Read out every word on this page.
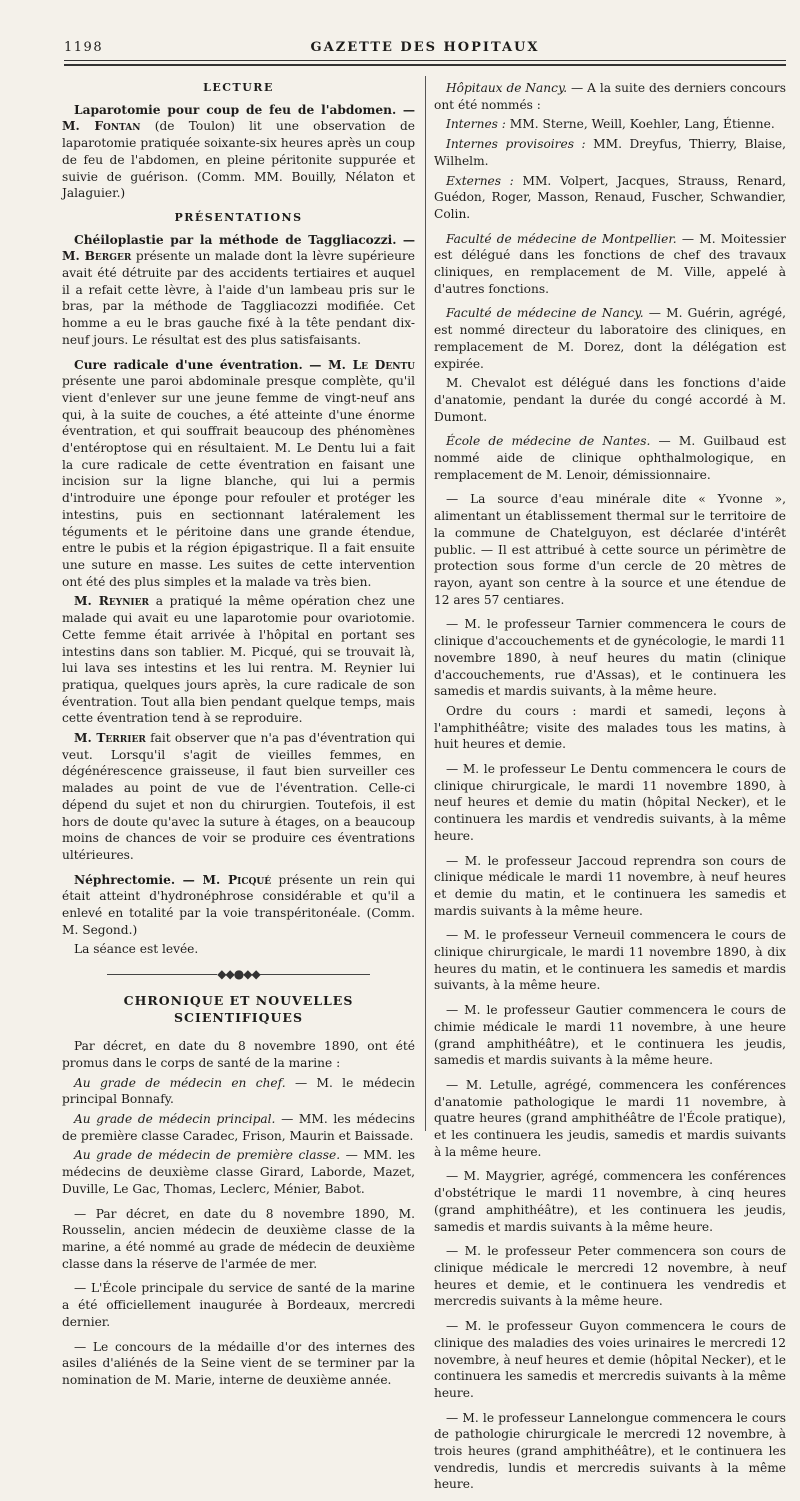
1198	GAZETTE DES HOPITAUX
LECTURE

Laparotomie pour coup de feu de l'abdomen. — M. Fontan (de Toulon) lit une observation de laparotomie pratiquée soixante-six heures après un coup de feu de l'abdomen, en pleine péritonite suppurée et suivie de guérison. (Comm. MM. Bouilly, Nélaton et Jalaguier.)

PRÉSENTATIONS

Chéiloplastie par la méthode de Taggliacozzi. — M. Berger présente un malade dont la lèvre supérieure avait été détruite par des accidents tertiaires et auquel il a refait cette lèvre, à l'aide d'un lambeau pris sur le bras, par la méthode de Taggliacozzi modifiée. Cet homme a eu le bras gauche fixé à la tête pendant dix-neuf jours. Le résultat est des plus satisfaisants.

Cure radicale d'une éventration. — M. Le Dentu présente une paroi abdominale presque complète, qu'il vient d'enlever sur une jeune femme de vingt-neuf ans qui, à la suite de couches, a été atteinte d'une énorme éventration, et qui souffrait beaucoup des phénomènes d'entéroptose qui en résultaient. M. Le Dentu lui a fait la cure radicale de cette éventration en faisant une incision sur la ligne blanche, qui lui a permis d'introduire une éponge pour refouler et protéger les intestins, puis en sectionnant latéralement les téguments et le péritoine dans une grande étendue, entre le pubis et la région épigastrique. Il a fait ensuite une suture en masse. Les suites de cette intervention ont été des plus simples et la malade va très bien.

M. Reynier a pratiqué la même opération chez une malade qui avait eu une laparotomie pour ovariotomie. Cette femme était arrivée à l'hôpital en portant ses intestins dans son tablier. M. Picqué, qui se trouvait là, lui lava ses intestins et les lui rentra. M. Reynier lui pratiqua, quelques jours après, la cure radicale de son éventration. Tout alla bien pendant quelque temps, mais cette éventration tend à se reproduire.

M. Terrier fait observer que n'a pas d'éventration qui veut. Lorsqu'il s'agit de vieilles femmes, en dégénérescence graisseuse, il faut bien surveiller ces malades au point de vue de l'éventration. Celle-ci dépend du sujet et non du chirurgien. Toutefois, il est hors de doute qu'avec la suture à étages, on a beaucoup moins de chances de voir se produire ces éventrations ultérieures.

Néphrectomie. — M. Picqué présente un rein qui était atteint d'hydronéphrose considérable et qu'il a enlevé en totalité par la voie transpéritonéale. (Comm. M. Segond.)

La séance est levée.

◆◆●◆◆
CHRONIQUE ET NOUVELLES SCIENTIFIQUES

Par décret, en date du 8 novembre 1890, ont été promus dans le corps de santé de la marine :

Au grade de médecin en chef. — M. le médecin principal Bonnafy.

Au grade de médecin principal. — MM. les médecins de première classe Caradec, Frison, Maurin et Baissade.

Au grade de médecin de première classe. — MM. les médecins de deuxième classe Girard, Laborde, Mazet, Duville, Le Gac, Thomas, Leclerc, Ménier, Babot.

— Par décret, en date du 8 novembre 1890, M. Rousselin, ancien médecin de deuxième classe de la marine, a été nommé au grade de médecin de deuxième classe dans la réserve de l'armée de mer.

— L'École principale du service de santé de la marine a été officiellement inaugurée à Bordeaux, mercredi dernier.

— Le concours de la médaille d'or des internes des asiles d'aliénés de la Seine vient de se terminer par la nomination de M. Marie, interne de deuxième année.

Hôpitaux de Nancy. — A la suite des derniers concours ont été nommés :

Internes : MM. Sterne, Weill, Koehler, Lang, Étienne.

Internes provisoires : MM. Dreyfus, Thierry, Blaise, Wilhelm.

Externes : MM. Volpert, Jacques, Strauss, Renard, Guédon, Roger, Masson, Renaud, Fuscher, Schwandier, Colin.

Faculté de médecine de Montpellier. — M. Moitessier est délégué dans les fonctions de chef des travaux cliniques, en remplacement de M. Ville, appelé à d'autres fonctions.

Faculté de médecine de Nancy. — M. Guérin, agrégé, est nommé directeur du laboratoire des cliniques, en remplacement de M. Dorez, dont la délégation est expirée.

M. Chevalot est délégué dans les fonctions d'aide d'anatomie, pendant la durée du congé accordé à M. Dumont.

École de médecine de Nantes. — M. Guilbaud est nommé aide de clinique ophthalmologique, en remplacement de M. Lenoir, démissionnaire.

— La source d'eau minérale dite « Yvonne », alimentant un établissement thermal sur le territoire de la commune de Chatelguyon, est déclarée d'intérêt public. — Il est attribué à cette source un périmètre de protection sous forme d'un cercle de 20 mètres de rayon, ayant son centre à la source et une étendue de 12 ares 57 centiares.

— M. le professeur Tarnier commencera le cours de clinique d'accouchements et de gynécologie, le mardi 11 novembre 1890, à neuf heures du matin (clinique d'accouchements, rue d'Assas), et le continuera les samedis et mardis suivants, à la même heure.

Ordre du cours : mardi et samedi, leçons à l'amphithéâtre; visite des malades tous les matins, à huit heures et demie.

— M. le professeur Le Dentu commencera le cours de clinique chirurgicale, le mardi 11 novembre 1890, à neuf heures et demie du matin (hôpital Necker), et le continuera les mardis et vendredis suivants, à la même heure.

— M. le professeur Jaccoud reprendra son cours de clinique médicale le mardi 11 novembre, à neuf heures et demie du matin, et le continuera les samedis et mardis suivants à la même heure.

— M. le professeur Verneuil commencera le cours de clinique chirurgicale, le mardi 11 novembre 1890, à dix heures du matin, et le continuera les samedis et mardis suivants, à la même heure.

— M. le professeur Gautier commencera le cours de chimie médicale le mardi 11 novembre, à une heure (grand amphithéâtre), et le continuera les jeudis, samedis et mardis suivants à la même heure.

— M. Letulle, agrégé, commencera les conférences d'anatomie pathologique le mardi 11 novembre, à quatre heures (grand amphithéâtre de l'École pratique), et les continuera les jeudis, samedis et mardis suivants à la même heure.

— M. Maygrier, agrégé, commencera les conférences d'obstétrique le mardi 11 novembre, à cinq heures (grand amphithéâtre), et les continuera les jeudis, samedis et mardis suivants à la même heure.

— M. le professeur Peter commencera son cours de clinique médicale le mercredi 12 novembre, à neuf heures et demie, et le continuera les vendredis et mercredis suivants à la même heure.

— M. le professeur Guyon commencera le cours de clinique des maladies des voies urinaires le mercredi 12 novembre, à neuf heures et demie (hôpital Necker), et le continuera les samedis et mercredis suivants à la même heure.

— M. le professeur Lannelongue commencera le cours de pathologie chirurgicale le mercredi 12 novembre, à trois heures (grand amphithéâtre), et le continuera les vendredis, lundis et mercredis suivants à la même heure.
